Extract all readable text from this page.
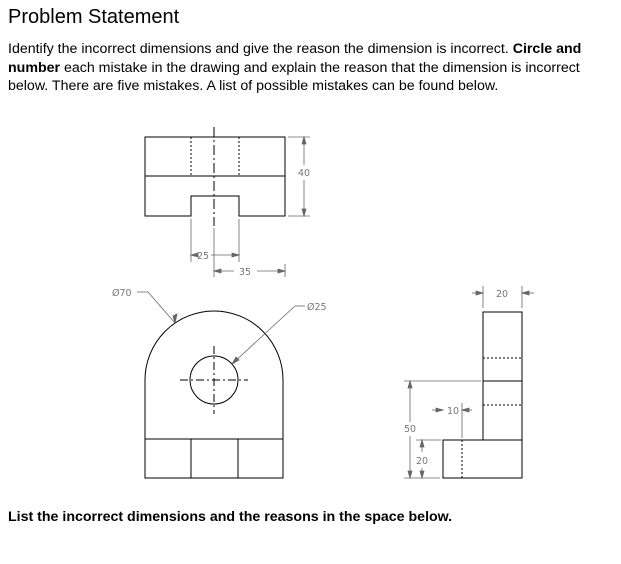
Problem Statement
Identify the incorrect dimensions and give the reason the dimension is incorrect. Circle and number each mistake in the drawing and explain the reason that the dimension is incorrect below. There are five mistakes. A list of possible mistakes can be found below.
40
25
35
Ø70
Ø25
20
10
50
20
List the incorrect dimensions and the reasons in the space below.
